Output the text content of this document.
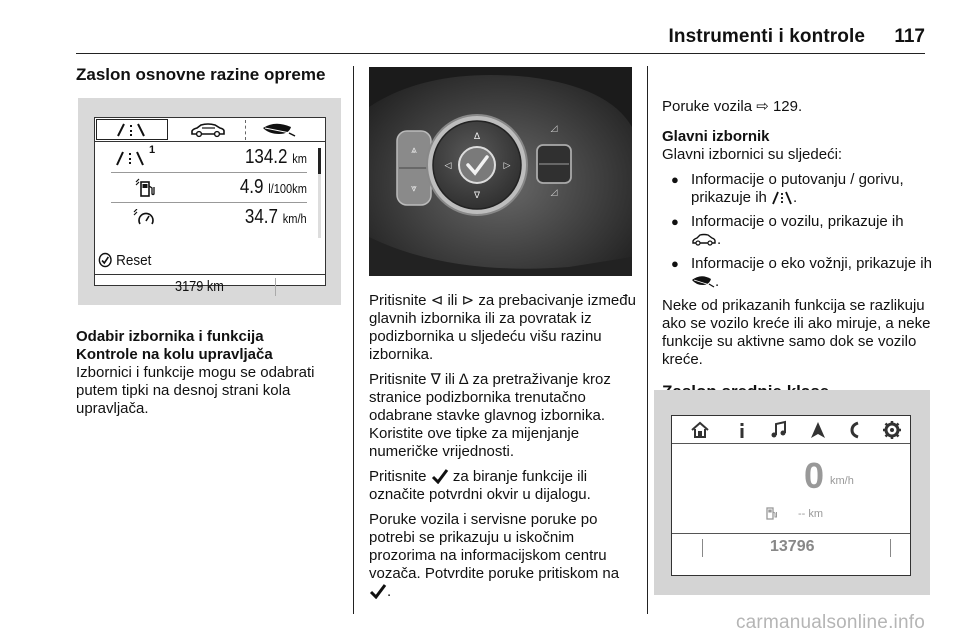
Instrumenti i kontrole 117
Zaslon osnovne razine opreme
1	134.2 km
4.9 l/100km
34.7 km/h
Reset
3179 km
Odabir izbornika i funkcija
Kontrole na kolu upravljača

Izbornici i funkcije mogu se odabrati putem tipki na desnoj strani kola upravljača.

⩓
⩔
∆
∇
◁	▷
◿
◿

Pritisnite ⊲ ili ⊳ za prebacivanje između glavnih izbornika ili za povratak iz podizbornika u sljedeću višu razinu izbornika.

Pritisnite ∇ ili ∆ za pretraživanje kroz stranice podizbornika trenutačno odabrane stavke glavnog izbornika. Koristite ove tipke za mijenjanje numeričke vrijednosti.

Pritisnite za biranje funkcije ili označite potvrdni okvir u dijalogu.

Poruke vozila i servisne poruke po potrebi se prikazuju u iskočnim prozorima na informacijskom centru vozača. Potvrdite poruke pritiskom na .

Poruke vozila ⇨ 129.

Glavni izbornik

Glavni izbornici su sljedeći:

● Informacije o putovanju / gorivu, prikazuje ih .
● Informacije o vozilu, prikazuje ih .
● Informacije o eko vožnji, prikazuje ih .

Neke od prikazanih funkcija se razlikuju ako se vozilo kreće ili ako miruje, a neke funkcije su aktivne samo dok se vozilo kreće.

0 km/h
-- km
13796
carmanualsonline.info
